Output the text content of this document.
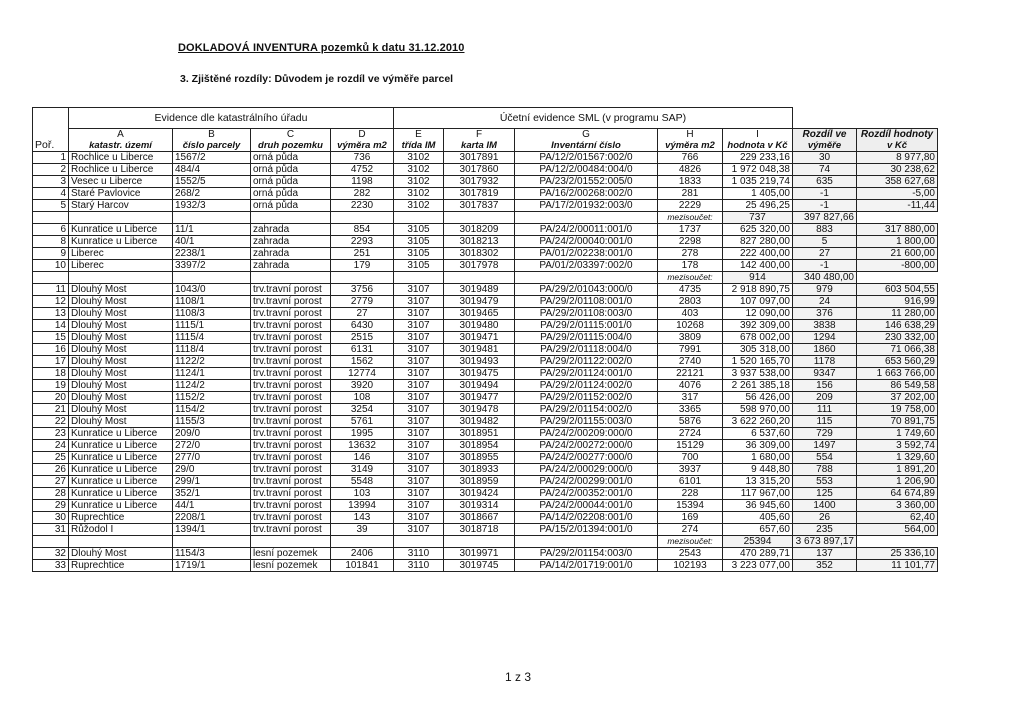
DOKLADOVÁ INVENTURA pozemků k datu 31.12.2010
3. Zjištěné rozdíly: Důvodem je rozdíl ve výměře parcel
Poř.	Evidence dle katastrálního úřadu				Účetní evidence SML (v programu SAP)						
	A	B	C	D	E	F	G	H	I	Rozdíl ve	Rozdíl hodnoty
	katastr. území	číslo parcely	druh pozemku	výměra m2	třída IM	karta IM	Inventární číslo	výměra m2	hodnota v Kč	výměře	v Kč
1	Rochlice u Liberce	1567/2	orná půda	736	3102	3017891	PA/12/2/01567:002/0	766	229 233,16	30	8 977,80
2	Rochlice u Liberce	484/4	orná půda	4752	3102	3017860	PA/12/2/00484:004/0	4826	1 972 048,38	74	30 238,62
3	Vesec u Liberce	1552/5	orná půda	1198	3102	3017932	PA/23/2/01552:005/0	1833	1 035 219,74	635	358 627,68
4	Staré Pavlovice	268/2	orná půda	282	3102	3017819	PA/16/2/00268:002/0	281	1 405,00	-1	-5,00
5	Starý Harcov	1932/3	orná půda	2230	3102	3017837	PA/17/2/01932:003/0	2229	25 496,25	-1	-11,44
								mezisoučet:	737	397 827,66	
6	Kunratice u Liberce	11/1	zahrada	854	3105	3018209	PA/24/2/00011:001/0	1737	625 320,00	883	317 880,00
8	Kunratice u Liberce	40/1	zahrada	2293	3105	3018213	PA/24/2/00040:001/0	2298	827 280,00	5	1 800,00
9	Liberec	2238/1	zahrada	251	3105	3018302	PA/01/2/02238:001/0	278	222 400,00	27	21 600,00
10	Liberec	3397/2	zahrada	179	3105	3017978	PA/01/2/03397:002/0	178	142 400,00	-1	-800,00
								mezisoučet:	914	340 480,00	
11	Dlouhý Most	1043/0	trv.travní porost	3756	3107	3019489	PA/29/2/01043:000/0	4735	2 918 890,75	979	603 504,55
12	Dlouhý Most	1108/1	trv.travní porost	2779	3107	3019479	PA/29/2/01108:001/0	2803	107 097,00	24	916,99
13	Dlouhý Most	1108/3	trv.travní porost	27	3107	3019465	PA/29/2/01108:003/0	403	12 090,00	376	11 280,00
14	Dlouhý Most	1115/1	trv.travní porost	6430	3107	3019480	PA/29/2/01115:001/0	10268	392 309,00	3838	146 638,29
15	Dlouhý Most	1115/4	trv.travní porost	2515	3107	3019471	PA/29/2/01115:004/0	3809	678 002,00	1294	230 332,00
16	Dlouhý Most	1118/4	trv.travní porost	6131	3107	3019481	PA/29/2/01118:004/0	7991	305 318,00	1860	71 066,38
17	Dlouhý Most	1122/2	trv.travní porost	1562	3107	3019493	PA/29/2/01122:002/0	2740	1 520 165,70	1178	653 560,29
18	Dlouhý Most	1124/1	trv.travní porost	12774	3107	3019475	PA/29/2/01124:001/0	22121	3 937 538,00	9347	1 663 766,00
19	Dlouhý Most	1124/2	trv.travní porost	3920	3107	3019494	PA/29/2/01124:002/0	4076	2 261 385,18	156	86 549,58
20	Dlouhý Most	1152/2	trv.travní porost	108	3107	3019477	PA/29/2/01152:002/0	317	56 426,00	209	37 202,00
21	Dlouhý Most	1154/2	trv.travní porost	3254	3107	3019478	PA/29/2/01154:002/0	3365	598 970,00	111	19 758,00
22	Dlouhý Most	1155/3	trv.travní porost	5761	3107	3019482	PA/29/2/01155:003/0	5876	3 622 260,20	115	70 891,75
23	Kunratice u Liberce	209/0	trv.travní porost	1995	3107	3018951	PA/24/2/00209:000/0	2724	6 537,60	729	1 749,60
24	Kunratice u Liberce	272/0	trv.travní porost	13632	3107	3018954	PA/24/2/00272:000/0	15129	36 309,00	1497	3 592,74
25	Kunratice u Liberce	277/0	trv.travní porost	146	3107	3018955	PA/24/2/00277:000/0	700	1 680,00	554	1 329,60
26	Kunratice u Liberce	29/0	trv.travní porost	3149	3107	3018933	PA/24/2/00029:000/0	3937	9 448,80	788	1 891,20
27	Kunratice u Liberce	299/1	trv.travní porost	5548	3107	3018959	PA/24/2/00299:001/0	6101	13 315,20	553	1 206,90
28	Kunratice u Liberce	352/1	trv.travní porost	103	3107	3019424	PA/24/2/00352:001/0	228	117 967,00	125	64 674,89
29	Kunratice u Liberce	44/1	trv.travní porost	13994	3107	3019314	PA/24/2/00044:001/0	15394	36 945,60	1400	3 360,00
30	Ruprechtice	2208/1	trv.travní porost	143	3107	3018667	PA/14/2/02208:001/0	169	405,60	26	62,40
31	Růžodol I	1394/1	trv.travní porost	39	3107	3018718	PA/15/2/01394:001/0	274	657,60	235	564,00
								mezisoučet:	25394	3 673 897,17	
32	Dlouhý Most	1154/3	lesní pozemek	2406	3110	3019971	PA/29/2/01154:003/0	2543	470 289,71	137	25 336,10
33	Ruprechtice	1719/1	lesní pozemek	101841	3110	3019745	PA/14/2/01719:001/0	102193	3 223 077,00	352	11 101,77
1 z 3
